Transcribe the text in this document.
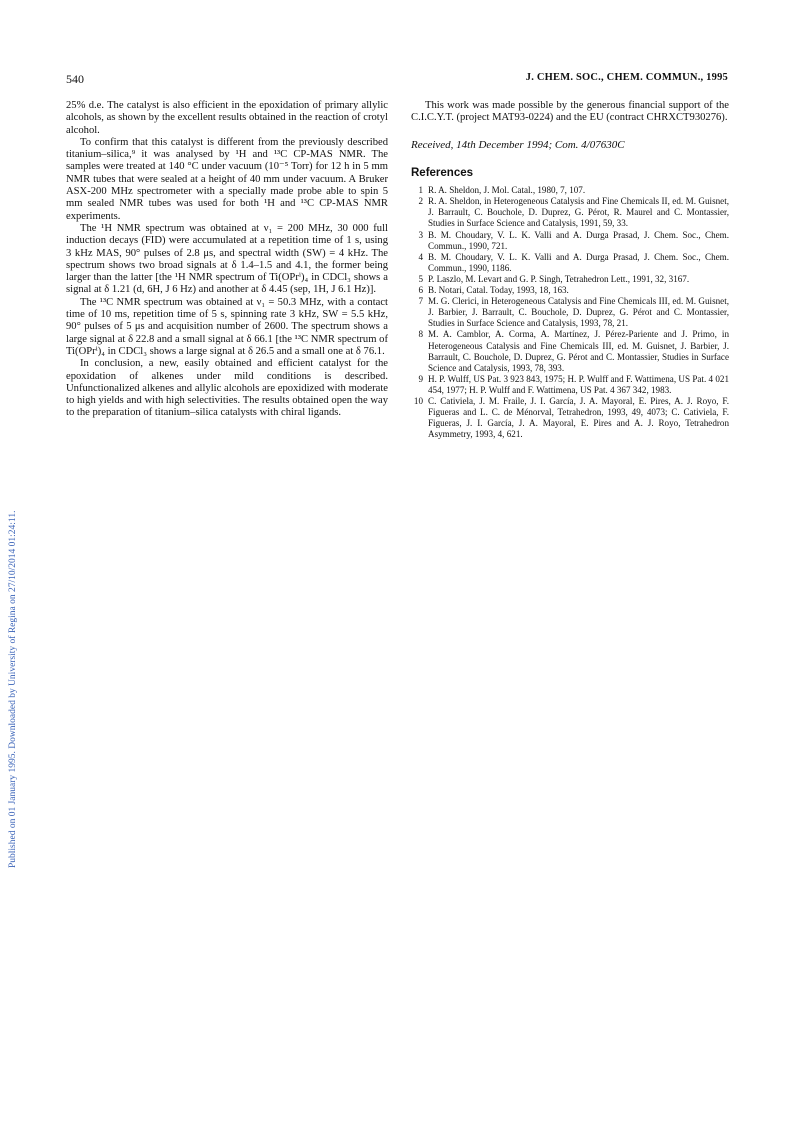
540	J. CHEM. SOC., CHEM. COMMUN., 1995
Published on 01 January 1995. Downloaded by University of Regina on 27/10/2014 01:24:11.

25% d.e. The catalyst is also efficient in the epoxidation of primary allylic alcohols, as shown by the excellent results obtained in the reaction of crotyl alcohol.

To confirm that this catalyst is different from the previously described titanium–silica,⁹ it was analysed by ¹H and ¹³C CP-MAS NMR. The samples were treated at 140 °C under vacuum (10⁻⁵ Torr) for 12 h in 5 mm NMR tubes that were sealed at a height of 40 mm under vacuum. A Bruker ASX-200 MHz spectrometer with a specially made probe able to spin 5 mm sealed NMR tubes was used for both ¹H and ¹³C CP-MAS NMR experiments.

The ¹H NMR spectrum was obtained at ν₁ = 200 MHz, 30 000 full induction decays (FID) were accumulated at a repetition time of 1 s, using 3 kHz MAS, 90° pulses of 2.8 μs, and spectral width (SW) = 4 kHz. The spectrum shows two broad signals at δ 1.4–1.5 and 4.1, the former being larger than the latter [the ¹H NMR spectrum of Ti(OPrⁱ)₄ in CDCl₃ shows a signal at δ 1.21 (d, 6H, J 6 Hz) and another at δ 4.45 (sep, 1H, J 6.1 Hz)].

The ¹³C NMR spectrum was obtained at ν₁ = 50.3 MHz, with a contact time of 10 ms, repetition time of 5 s, spinning rate 3 kHz, SW = 5.5 kHz, 90° pulses of 5 μs and acquisition number of 2600. The spectrum shows a large signal at δ 22.8 and a small signal at δ 66.1 [the ¹³C NMR spectrum of Ti(OPrⁱ)₄ in CDCl₃ shows a large signal at δ 26.5 and a small one at δ 76.1.

In conclusion, a new, easily obtained and efficient catalyst for the epoxidation of alkenes under mild conditions is described. Unfunctionalized alkenes and allylic alcohols are epoxidized with moderate to high yields and with high selectivities. The results obtained open the way to the preparation of titanium–silica catalysts with chiral ligands.

This work was made possible by the generous financial support of the C.I.C.Y.T. (project MAT93-0224) and the EU (contract CHRXCT930276).

Received, 14th December 1994; Com. 4/07630C

References
1 R. A. Sheldon, J. Mol. Catal., 1980, 7, 107.
2 R. A. Sheldon, in Heterogeneous Catalysis and Fine Chemicals II, ed. M. Guisnet, J. Barrault, C. Bouchole, D. Duprez, G. Pérot, R. Maurel and C. Montassier, Studies in Surface Science and Catalysis, 1991, 59, 33.
3 B. M. Choudary, V. L. K. Valli and A. Durga Prasad, J. Chem. Soc., Chem. Commun., 1990, 721.
4 B. M. Choudary, V. L. K. Valli and A. Durga Prasad, J. Chem. Soc., Chem. Commun., 1990, 1186.
5 P. Laszlo, M. Levart and G. P. Singh, Tetrahedron Lett., 1991, 32, 3167.
6 B. Notari, Catal. Today, 1993, 18, 163.
7 M. G. Clerici, in Heterogeneous Catalysis and Fine Chemicals III, ed. M. Guisnet, J. Barbier, J. Barrault, C. Bouchole, D. Duprez, G. Pérot and C. Montassier, Studies in Surface Science and Catalysis, 1993, 78, 21.
8 M. A. Camblor, A. Corma, A. Martínez, J. Pérez-Pariente and J. Primo, in Heterogeneous Catalysis and Fine Chemicals III, ed. M. Guisnet, J. Barbier, J. Barrault, C. Bouchole, D. Duprez, G. Pérot and C. Montassier, Studies in Surface Science and Catalysis, 1993, 78, 393.
9 H. P. Wulff, US Pat. 3 923 843, 1975; H. P. Wulff and F. Wattimena, US Pat. 4 021 454, 1977; H. P. Wulff and F. Wattimena, US Pat. 4 367 342, 1983.
10 C. Cativiela, J. M. Fraile, J. I. García, J. A. Mayoral, E. Pires, A. J. Royo, F. Figueras and L. C. de Ménorval, Tetrahedron, 1993, 49, 4073; C. Cativiela, F. Figueras, J. I. García, J. A. Mayoral, E. Pires and A. J. Royo, Tetrahedron Asymmetry, 1993, 4, 621.
